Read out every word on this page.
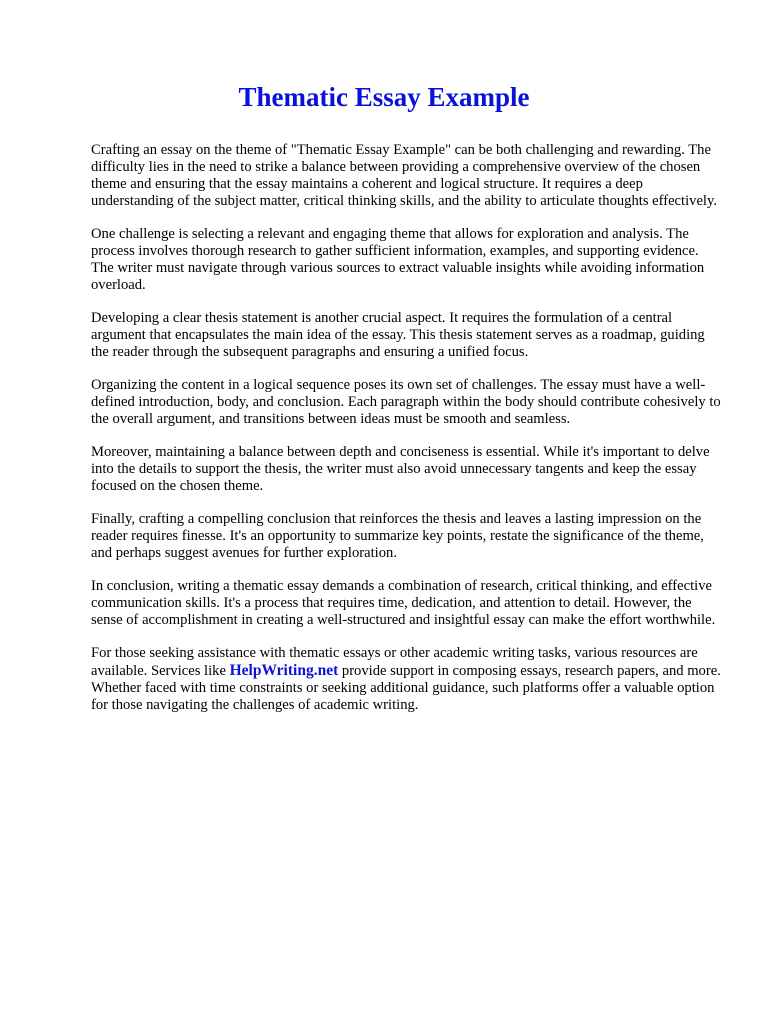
Thematic Essay Example

Crafting an essay on the theme of "Thematic Essay Example" can be both challenging and rewarding. The difficulty lies in the need to strike a balance between providing a comprehensive overview of the chosen theme and ensuring that the essay maintains a coherent and logical structure. It requires a deep understanding of the subject matter, critical thinking skills, and the ability to articulate thoughts effectively.

One challenge is selecting a relevant and engaging theme that allows for exploration and analysis. The process involves thorough research to gather sufficient information, examples, and supporting evidence. The writer must navigate through various sources to extract valuable insights while avoiding information overload.

Developing a clear thesis statement is another crucial aspect. It requires the formulation of a central argument that encapsulates the main idea of the essay. This thesis statement serves as a roadmap, guiding the reader through the subsequent paragraphs and ensuring a unified focus.

Organizing the content in a logical sequence poses its own set of challenges. The essay must have a well-defined introduction, body, and conclusion. Each paragraph within the body should contribute cohesively to the overall argument, and transitions between ideas must be smooth and seamless.

Moreover, maintaining a balance between depth and conciseness is essential. While it's important to delve into the details to support the thesis, the writer must also avoid unnecessary tangents and keep the essay focused on the chosen theme.

Finally, crafting a compelling conclusion that reinforces the thesis and leaves a lasting impression on the reader requires finesse. It's an opportunity to summarize key points, restate the significance of the theme, and perhaps suggest avenues for further exploration.

In conclusion, writing a thematic essay demands a combination of research, critical thinking, and effective communication skills. It's a process that requires time, dedication, and attention to detail. However, the sense of accomplishment in creating a well-structured and insightful essay can make the effort worthwhile.

For those seeking assistance with thematic essays or other academic writing tasks, various resources are available. Services like HelpWriting.net provide support in composing essays, research papers, and more. Whether faced with time constraints or seeking additional guidance, such platforms offer a valuable option for those navigating the challenges of academic writing.
